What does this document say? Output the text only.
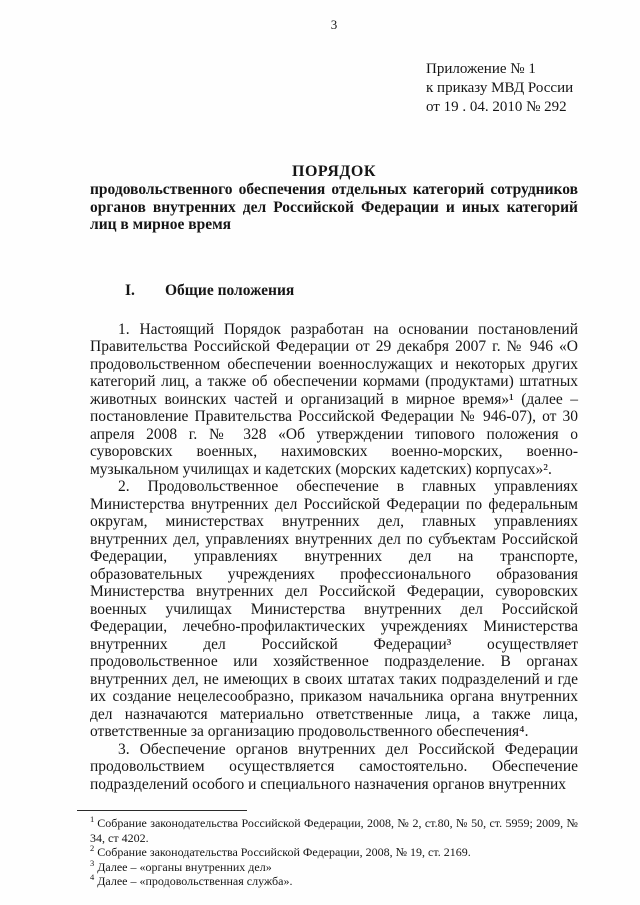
3
Приложение № 1
к приказу МВД России
от 19 . 04. 2010 № 292
ПОРЯДОК
продовольственного обеспечения отдельных категорий сотрудников органов внутренних дел Российской Федерации и иных категорий лиц в мирное время
I. Общие положения

1. Настоящий Порядок разработан на основании постановлений Правительства Российской Федерации от 29 декабря 2007 г. № 946 «О продовольственном обеспечении военнослужащих и некоторых других категорий лиц, а также об обеспечении кормами (продуктами) штатных животных воинских частей и организаций в мирное время»¹ (далее – постановление Правительства Российской Федерации № 946-07), от 30 апреля 2008 г. № 328 «Об утверждении типового положения о суворовских военных, нахимовских военно-морских, военно-музыкальном училищах и кадетских (морских кадетских) корпусах»².

2. Продовольственное обеспечение в главных управлениях Министерства внутренних дел Российской Федерации по федеральным округам, министерствах внутренних дел, главных управлениях внутренних дел, управлениях внутренних дел по субъектам Российской Федерации, управлениях внутренних дел на транспорте, образовательных учреждениях профессионального образования Министерства внутренних дел Российской Федерации, суворовских военных училищах Министерства внутренних дел Российской Федерации, лечебно-профилактических учреждениях Министерства внутренних дел Российской Федерации³ осуществляет продовольственное или хозяйственное подразделение. В органах внутренних дел, не имеющих в своих штатах таких подразделений и где их создание нецелесообразно, приказом начальника органа внутренних дел назначаются материально ответственные лица, а также лица, ответственные за организацию продовольственного обеспечения⁴.

3. Обеспечение органов внутренних дел Российской Федерации продовольствием осуществляется самостоятельно. Обеспечение подразделений особого и специального назначения органов внутренних

$^1$ Собрание законодательства Российской Федерации, 2008, № 2, ст.80, № 50, ст. 5959; 2009, № 34, ст 4202.
$^2$ Собрание законодательства Российской Федерации, 2008, № 19, ст. 2169.
$^3$ Далее – «органы внутренних дел»
$^4$ Далее – «продовольственная служба».
